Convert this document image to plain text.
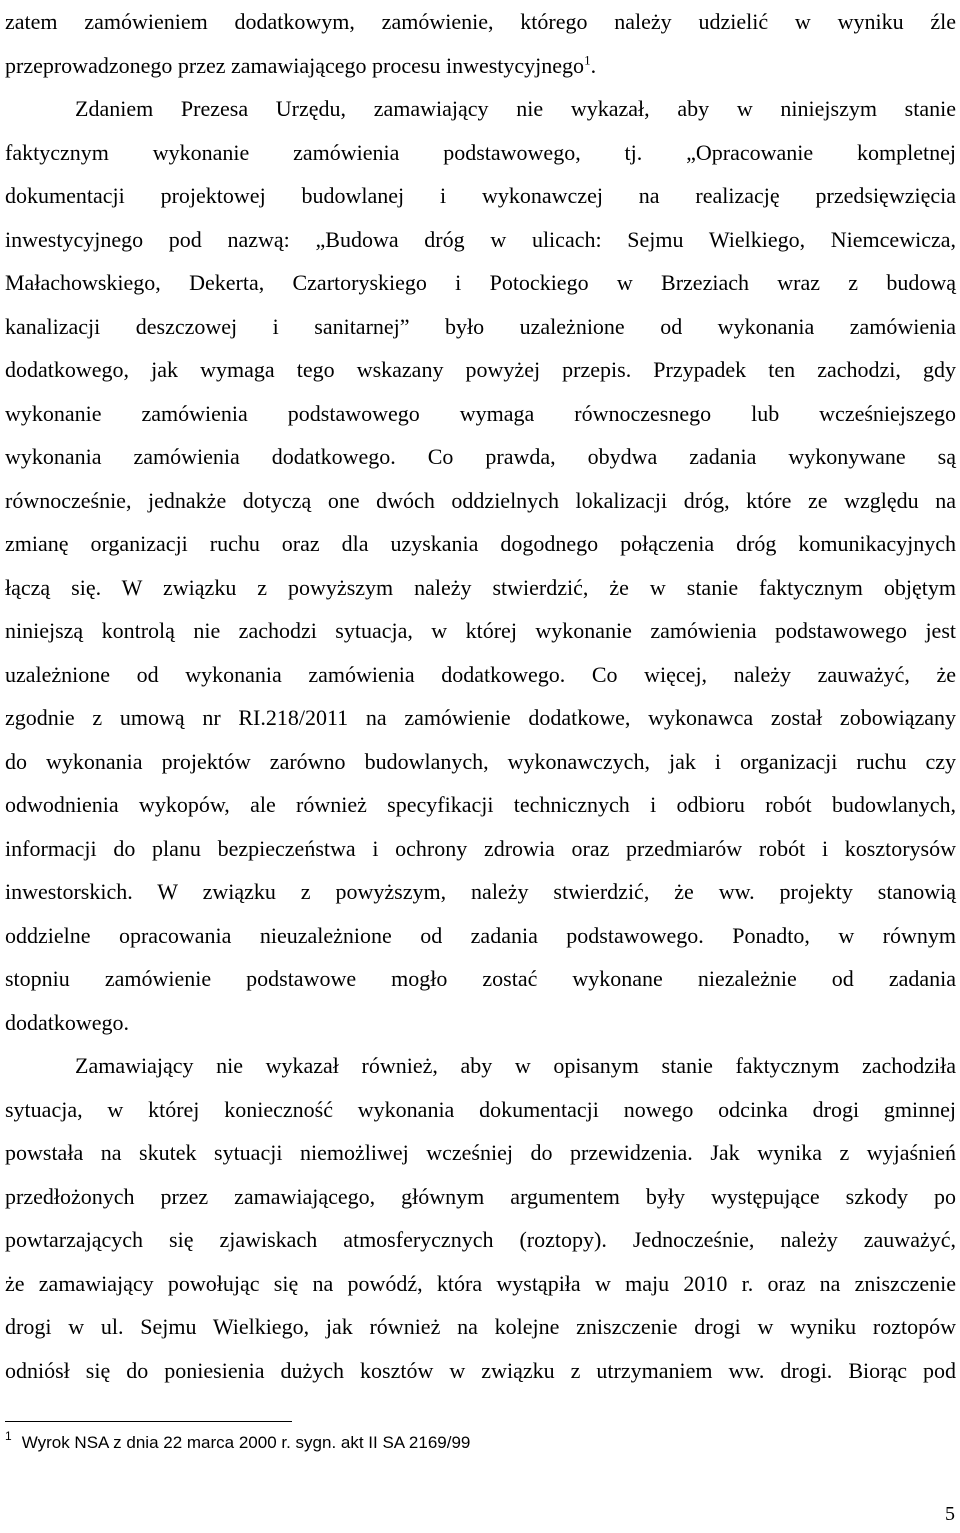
zatem zamówieniem dodatkowym, zamówienie, którego należy udzielić w wyniku źle
przeprowadzonego przez zamawiającego procesu inwestycyjnego$^1$.
Zdaniem Prezesa Urzędu, zamawiający nie wykazał, aby w niniejszym stanie
faktycznym wykonanie zamówienia podstawowego, tj. „Opracowanie kompletnej
dokumentacji projektowej budowlanej i wykonawczej na realizację przedsięwzięcia
inwestycyjnego pod nazwą: „Budowa dróg w ulicach: Sejmu Wielkiego, Niemcewicza,
Małachowskiego, Dekerta, Czartoryskiego i Potockiego w Brzeziach wraz z budową
kanalizacji deszczowej i sanitarnej” było uzależnione od wykonania zamówienia
dodatkowego, jak wymaga tego wskazany powyżej przepis. Przypadek ten zachodzi, gdy
wykonanie zamówienia podstawowego wymaga równoczesnego lub wcześniejszego
wykonania zamówienia dodatkowego. Co prawda, obydwa zadania wykonywane są
równocześnie, jednakże dotyczą one dwóch oddzielnych lokalizacji dróg, które ze względu na
zmianę organizacji ruchu oraz dla uzyskania dogodnego połączenia dróg komunikacyjnych
łączą się. W związku z powyższym należy stwierdzić, że w stanie faktycznym objętym
niniejszą kontrolą nie zachodzi sytuacja, w której wykonanie zamówienia podstawowego jest
uzależnione od wykonania zamówienia dodatkowego. Co więcej, należy zauważyć, że
zgodnie z umową nr RI.218/2011 na zamówienie dodatkowe, wykonawca został zobowiązany
do wykonania projektów zarówno budowlanych, wykonawczych, jak i organizacji ruchu czy
odwodnienia wykopów, ale również specyfikacji technicznych i odbioru robót budowlanych,
informacji do planu bezpieczeństwa i ochrony zdrowia oraz przedmiarów robót i kosztorysów
inwestorskich. W związku z powyższym, należy stwierdzić, że ww. projekty stanowią
oddzielne opracowania nieuzależnione od zadania podstawowego. Ponadto, w równym
stopniu zamówienie podstawowe mogło zostać wykonane niezależnie od zadania
dodatkowego.
Zamawiający nie wykazał również, aby w opisanym stanie faktycznym zachodziła
sytuacja, w której konieczność wykonania dokumentacji nowego odcinka drogi gminnej
powstała na skutek sytuacji niemożliwej wcześniej do przewidzenia. Jak wynika z wyjaśnień
przedłożonych przez zamawiającego, głównym argumentem były występujące szkody po
powtarzających się zjawiskach atmosferycznych (roztopy). Jednocześnie, należy zauważyć,
że zamawiający powołując się na powódź, która wystąpiła w maju 2010 r. oraz na zniszczenie
drogi w ul. Sejmu Wielkiego, jak również na kolejne zniszczenie drogi w wyniku roztopów
odniósł się do poniesienia dużych kosztów w związku z utrzymaniem ww. drogi. Biorąc pod
$^1$ Wyrok NSA z dnia 22 marca 2000 r. sygn. akt II SA 2169/99
5
